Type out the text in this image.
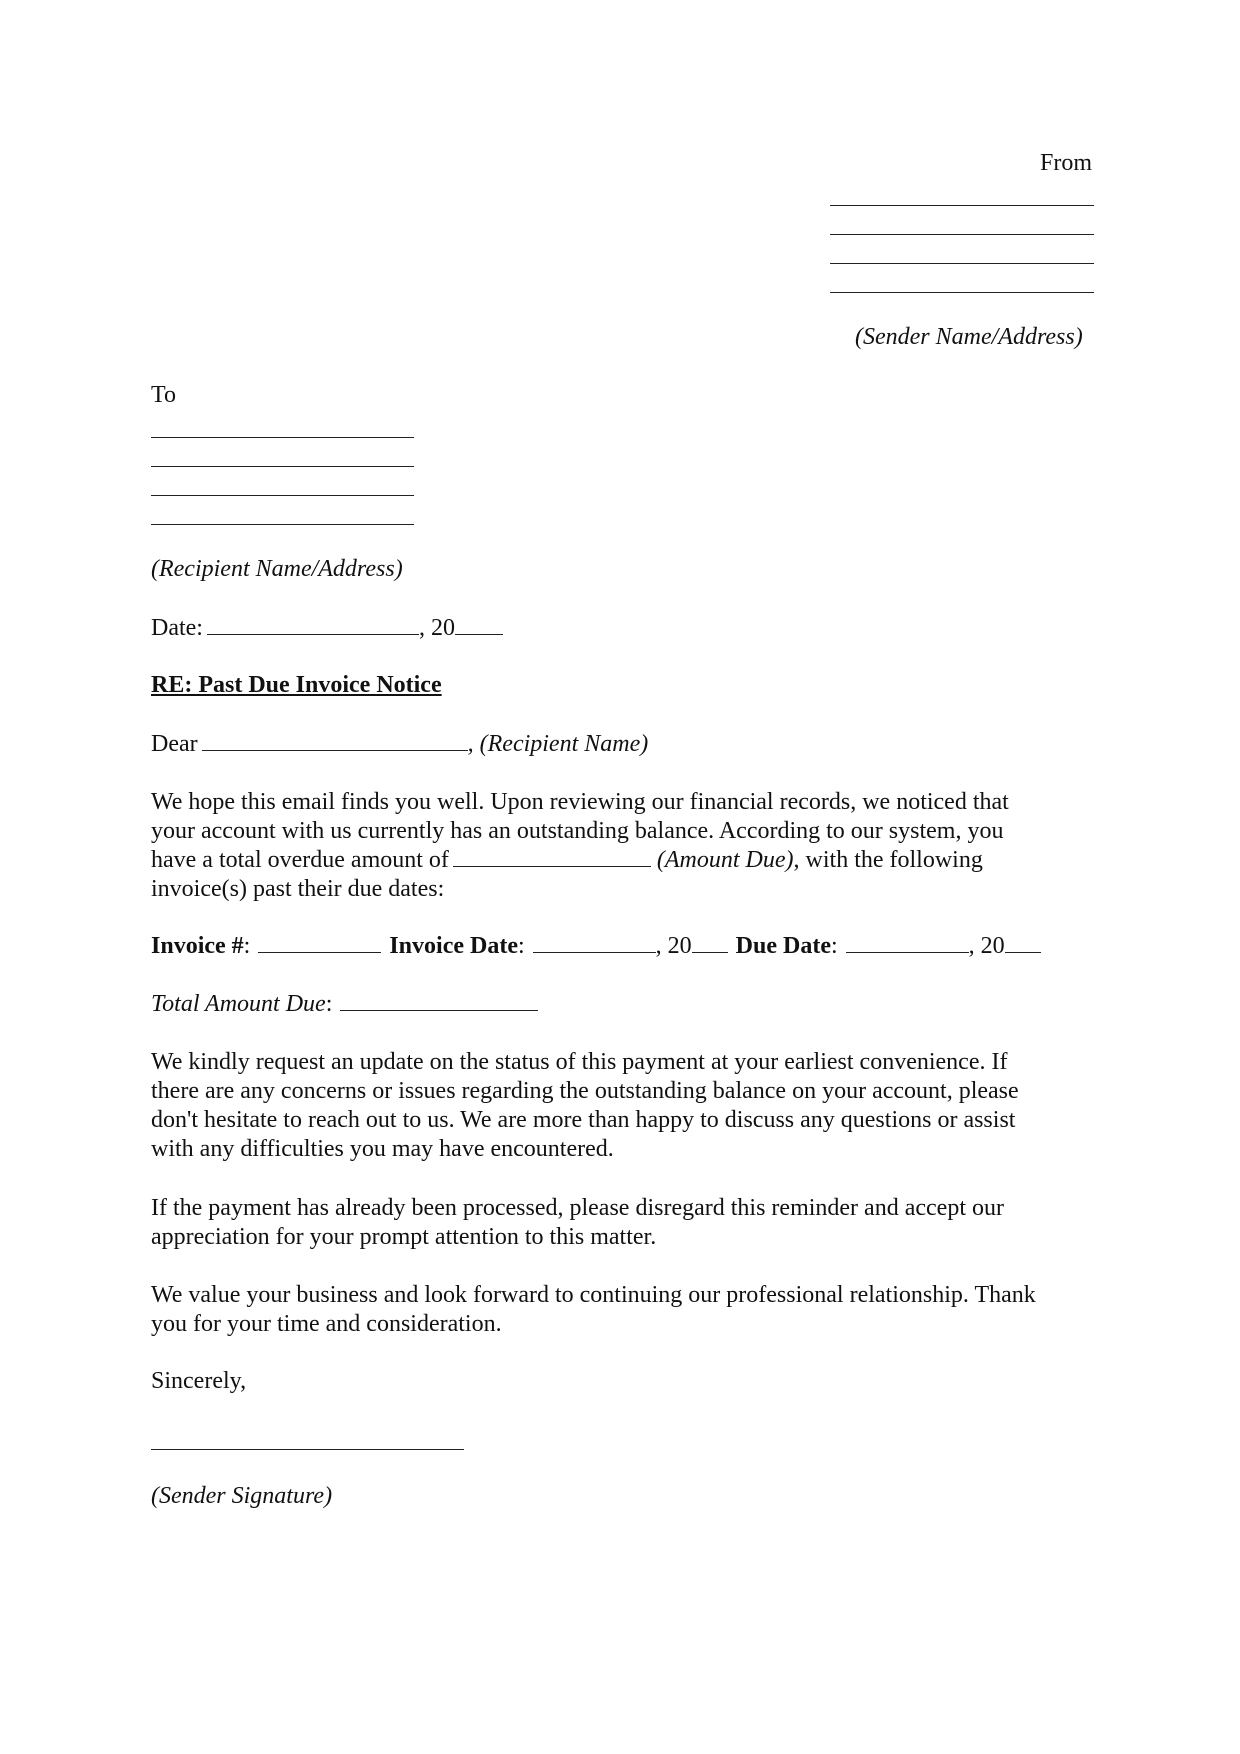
From
(Sender Name/Address)
To
(Recipient Name/Address)
Date:	, 20
RE: Past Due Invoice Notice
Dear	, (Recipient Name)
We hope this email finds you well. Upon reviewing our financial records, we noticed that
your account with us currently has an outstanding balance. According to our system, you
have a total overdue amount of	(Amount Due), with the following
invoice(s) past their due dates:
Invoice #:	Invoice Date:	, 20 Due Date:	, 20
Total Amount Due:
We kindly request an update on the status of this payment at your earliest convenience. If
there are any concerns or issues regarding the outstanding balance on your account, please
don't hesitate to reach out to us. We are more than happy to discuss any questions or assist
with any difficulties you may have encountered.
If the payment has already been processed, please disregard this reminder and accept our
appreciation for your prompt attention to this matter.
We value your business and look forward to continuing our professional relationship. Thank
you for your time and consideration.
Sincerely,
(Sender Signature)
